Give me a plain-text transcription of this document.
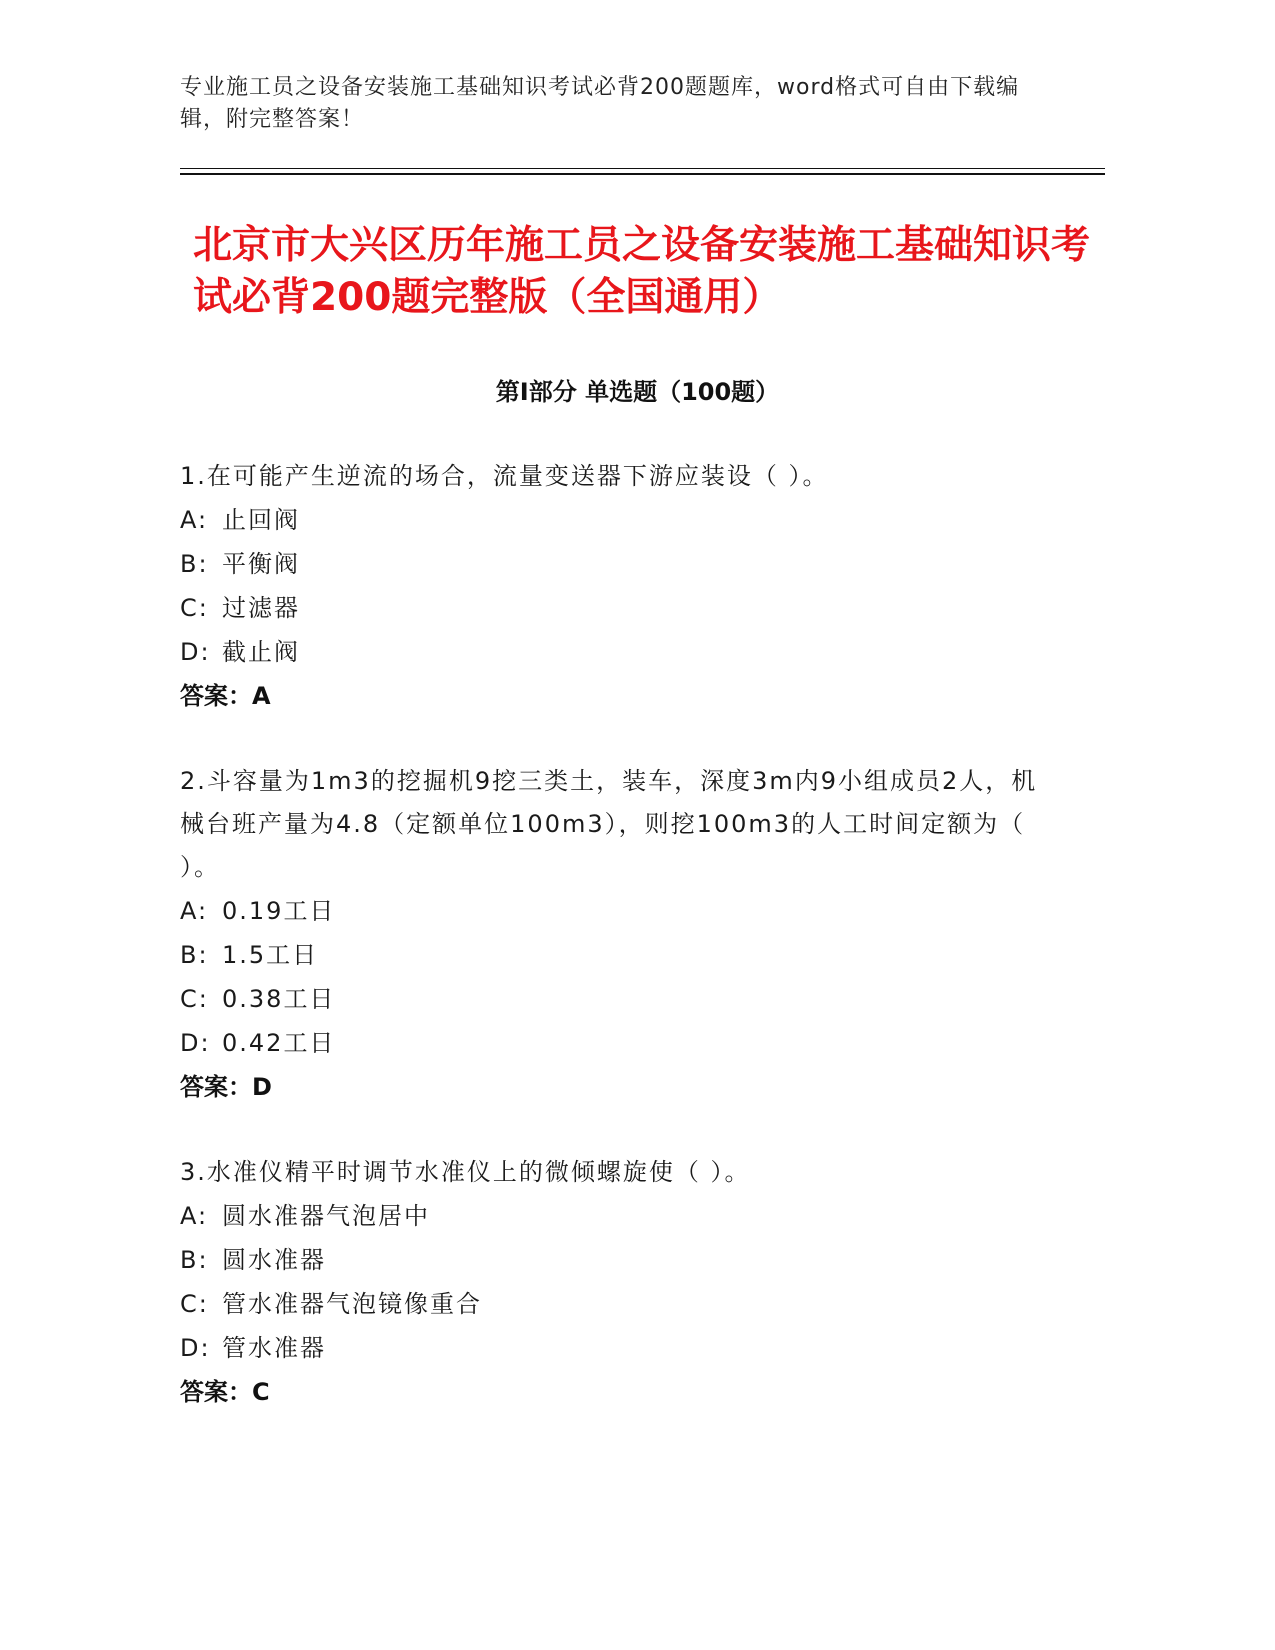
专业施工员之设备安装施工基础知识考试必背200题题库，word格式可自由下载编辑，附完整答案！
北京市大兴区历年施工员之设备安装施工基础知识考试必背200题完整版（全国通用）
第I部分 单选题（100题）
1.在可能产生逆流的场合，流量变送器下游应装设（ ）。
A: 止回阀
B: 平衡阀
C: 过滤器
D: 截止阀
答案：A
2.斗容量为1m3的挖掘机9挖三类土，装车，深度3m内9小组成员2人，机械台班产量为4.8（定额单位100m3），则挖100m3的人工时间定额为（ ）。
A: 0.19工日
B: 1.5工日
C: 0.38工日
D: 0.42工日
答案：D
3.水准仪精平时调节水准仪上的微倾螺旋使（ ）。
A: 圆水准器气泡居中
B: 圆水准器
C: 管水准器气泡镜像重合
D: 管水准器
答案：C
